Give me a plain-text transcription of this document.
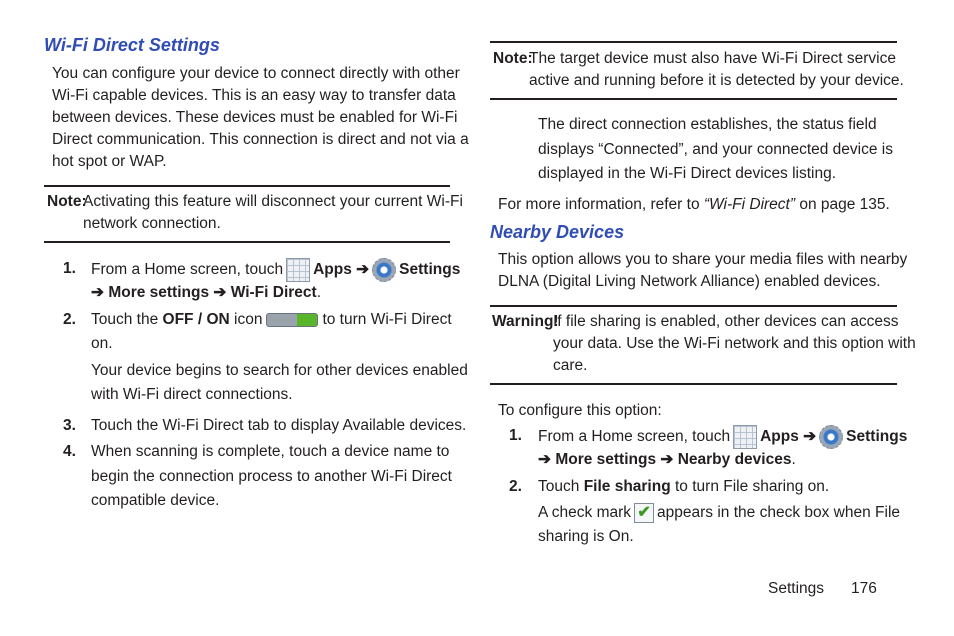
Wi-Fi Direct Settings
You can configure your device to connect directly with other
Wi-Fi capable devices. This is an easy way to transfer data
between devices. These devices must be enabled for Wi-Fi
Direct communication. This connection is direct and not via a
hot spot or WAP.
Note:
Activating this feature will disconnect your current Wi-Fi
network connection.
1. From a Home screen, touch Apps ➔ Settings
➔ More settings ➔ Wi-Fi Direct.
2. Touch the OFF / ON icon	to turn Wi-Fi Direct
on.
Your device begins to search for other devices enabled
with Wi-Fi direct connections.
3. Touch the Wi-Fi Direct tab to display Available devices.
4. When scanning is complete, touch a device name to
begin the connection process to another Wi-Fi Direct
compatible device.
Note:
The target device must also have Wi-Fi Direct service
active and running before it is detected by your device.
The direct connection establishes, the status field
displays “Connected”, and your connected device is
displayed in the Wi-Fi Direct devices listing.
For more information, refer to “Wi-Fi Direct” on page 135.
Nearby Devices
This option allows you to share your media files with nearby
DLNA (Digital Living Network Alliance) enabled devices.
Warning!
If file sharing is enabled, other devices can access
your data. Use the Wi-Fi network and this option with
care.
To configure this option:
1. From a Home screen, touch Apps ➔ Settings
➔ More settings ➔ Nearby devices.
2. Touch File sharing to turn File sharing on.
A check mark ✔ appears in the check box when File
sharing is On.
Settings 176
